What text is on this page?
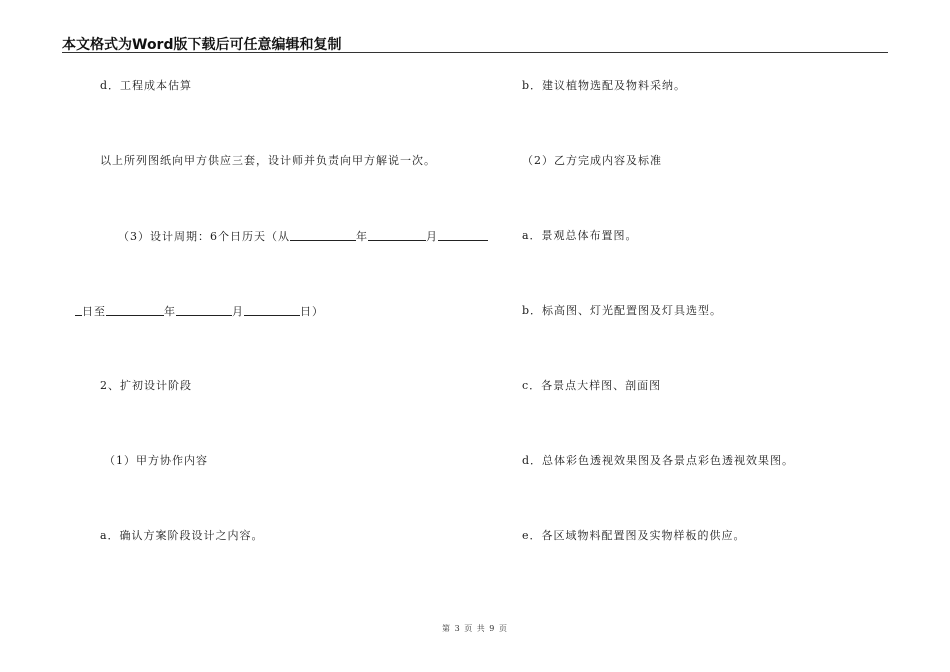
本文格式为Word版下载后可任意编辑和复制
d．工程成本估算
以上所列图纸向甲方供应三套，设计师并负责向甲方解说一次。
（3）设计周期：6个日历天（从	年	月
日至	年	月	日）
2、扩初设计阶段
（1）甲方协作内容
a．确认方案阶段设计之内容。
b．建议植物选配及物料采纳。
（2）乙方完成内容及标准
a．景观总体布置图。
b．标高图、灯光配置图及灯具选型。
c．各景点大样图、剖面图
d．总体彩色透视效果图及各景点彩色透视效果图。
e．各区域物料配置图及实物样板的供应。
第 3 页 共 9 页
